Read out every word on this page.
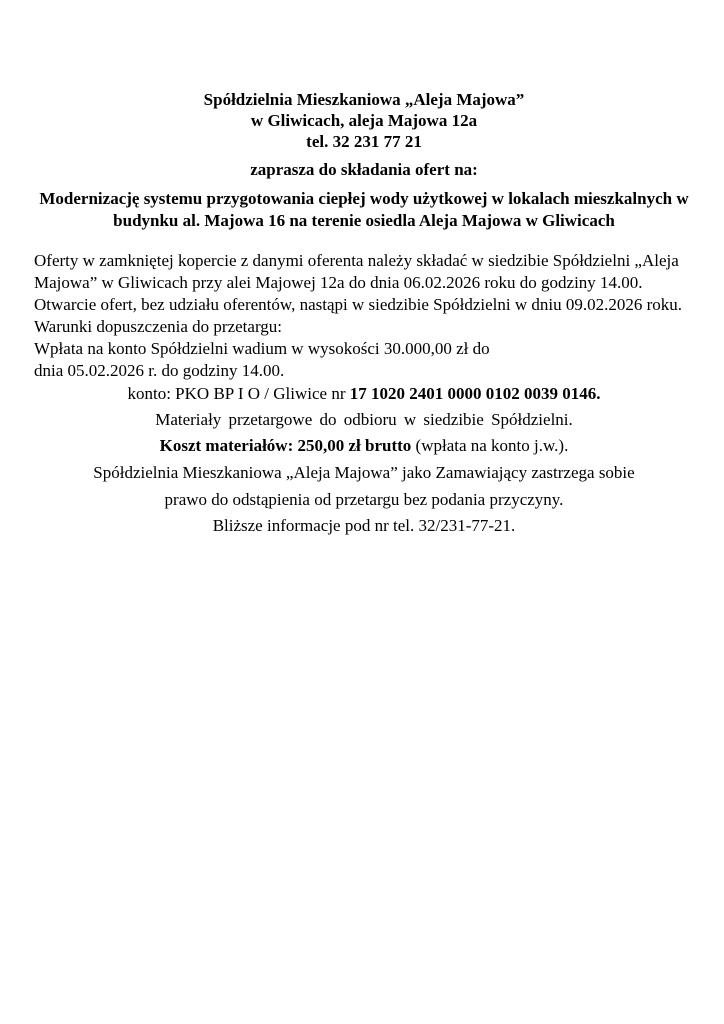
Spółdzielnia Mieszkaniowa „Aleja Majowa”
w Gliwicach, aleja Majowa 12a
tel. 32 231 77 21
zaprasza do składania ofert na:
Modernizację systemu przygotowania ciepłej wody użytkowej w lokalach mieszkalnych w budynku al. Majowa 16 na terenie osiedla Aleja Majowa w Gliwicach

Oferty w zamkniętej kopercie z danymi oferenta należy składać w siedzibie Spółdzielni „Aleja Majowa” w Gliwicach przy alei Majowej 12a do dnia 06.02.2026 roku do godziny 14.00.

Otwarcie ofert, bez udziału oferentów, nastąpi w siedzibie Spółdzielni w dniu 09.02.2026 roku.

Warunki dopuszczenia do przetargu:

Wpłata na konto Spółdzielni wadium w wysokości 30.000,00 zł do

dnia 05.02.2026 r. do godziny 14.00.

konto: PKO BP I O / Gliwice nr 17 1020 2401 0000 0102 0039 0146.
Materiały przetargowe do odbioru w siedzibie Spółdzielni.
Koszt materiałów: 250,00 zł brutto (wpłata na konto j.w.).
Spółdzielnia Mieszkaniowa „Aleja Majowa” jako Zamawiający zastrzega sobie
prawo do odstąpienia od przetargu bez podania przyczyny.
Bliższe informacje pod nr tel. 32/231-77-21.
